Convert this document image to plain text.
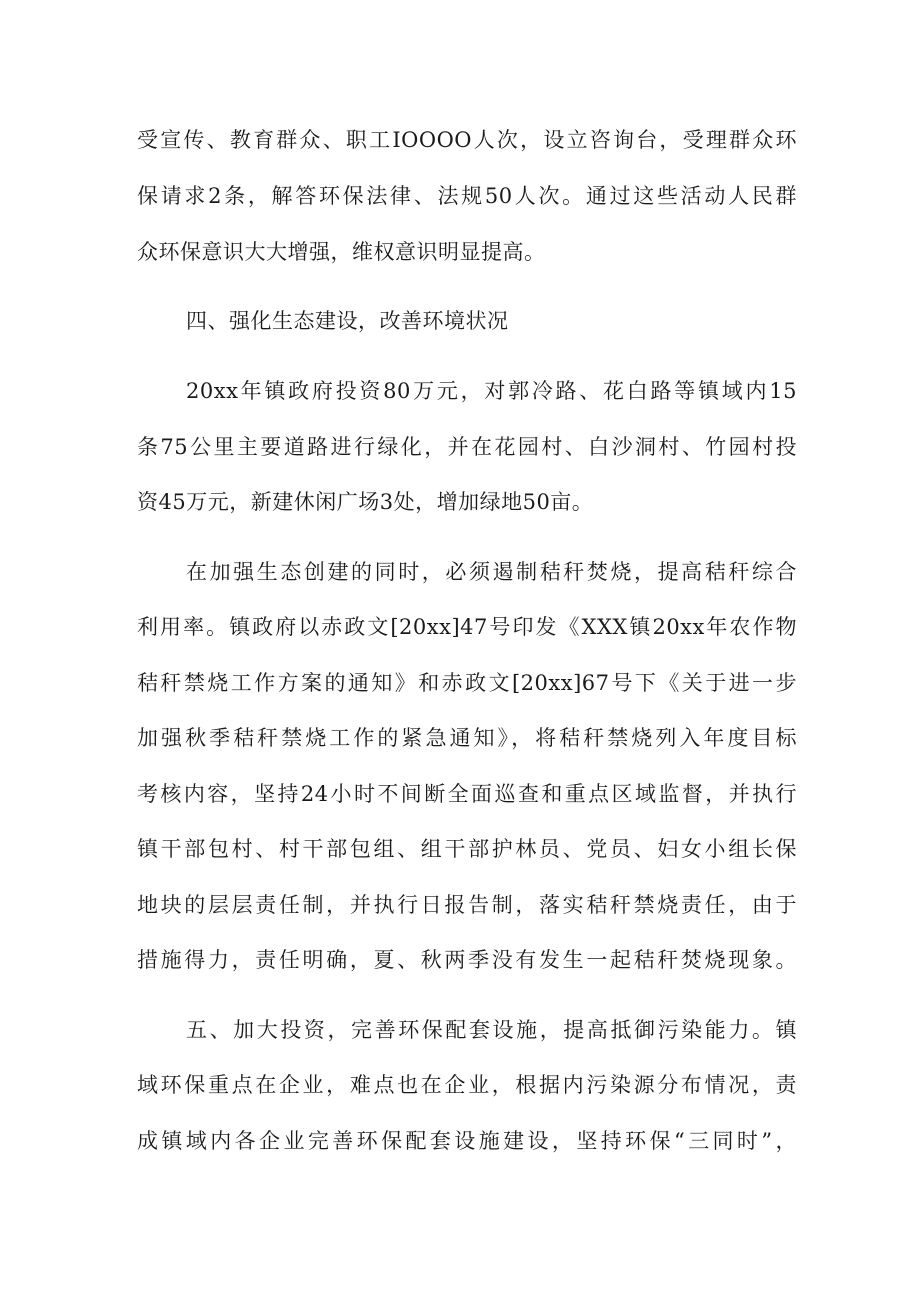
受宣传、教育群众、职工IOOOO人次，设立咨询台，受理群众环
保请求2条，解答环保法律、法规50人次。通过这些活动人民群
众环保意识大大增强，维权意识明显提高。
四、强化生态建设，改善环境状况
20xx年镇政府投资80万元，对郭冷路、花白路等镇域内15
条75公里主要道路进行绿化，并在花园村、白沙洞村、竹园村投
资45万元，新建休闲广场3处，增加绿地50亩。
在加强生态创建的同时，必须遏制秸秆焚烧，提高秸秆综合
利用率。镇政府以赤政文[20xx]47号印发《XXX镇20xx年农作物
秸秆禁烧工作方案的通知》和赤政文[20xx]67号下《关于进一步
加强秋季秸秆禁烧工作的紧急通知》，将秸秆禁烧列入年度目标
考核内容，坚持24小时不间断全面巡查和重点区域监督，并执行
镇干部包村、村干部包组、组干部护林员、党员、妇女小组长保
地块的层层责任制，并执行日报告制，落实秸秆禁烧责任，由于
措施得力，责任明确，夏、秋两季没有发生一起秸秆焚烧现象。
五、加大投资，完善环保配套设施，提高抵御污染能力。镇
域环保重点在企业，难点也在企业，根据内污染源分布情况，责
成镇域内各企业完善环保配套设施建设，坚持环保“三同时”，
